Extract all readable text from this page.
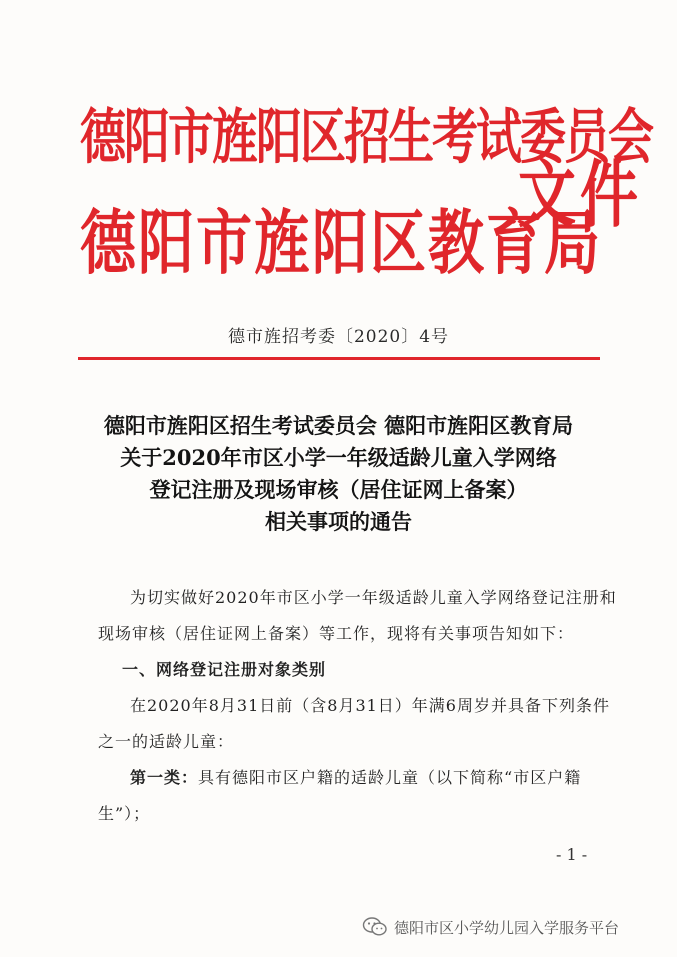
德阳市旌阳区招生考试委员会
德阳市旌阳区教育局
文件
德市旌招考委〔2020〕4号
德阳市旌阳区招生考试委员会 德阳市旌阳区教育局
关于2020年市区小学一年级适龄儿童入学网络
登记注册及现场审核（居住证网上备案）
相关事项的通告

为切实做好2020年市区小学一年级适龄儿童入学网络登记注册和现场审核（居住证网上备案）等工作，现将有关事项告知如下：

一、网络登记注册对象类别

在2020年8月31日前（含8月31日）年满6周岁并具备下列条件之一的适龄儿童：

第一类：具有德阳市区户籍的适龄儿童（以下简称“市区户籍生”）；

- 1 -
德阳市区小学幼儿园入学服务平台
